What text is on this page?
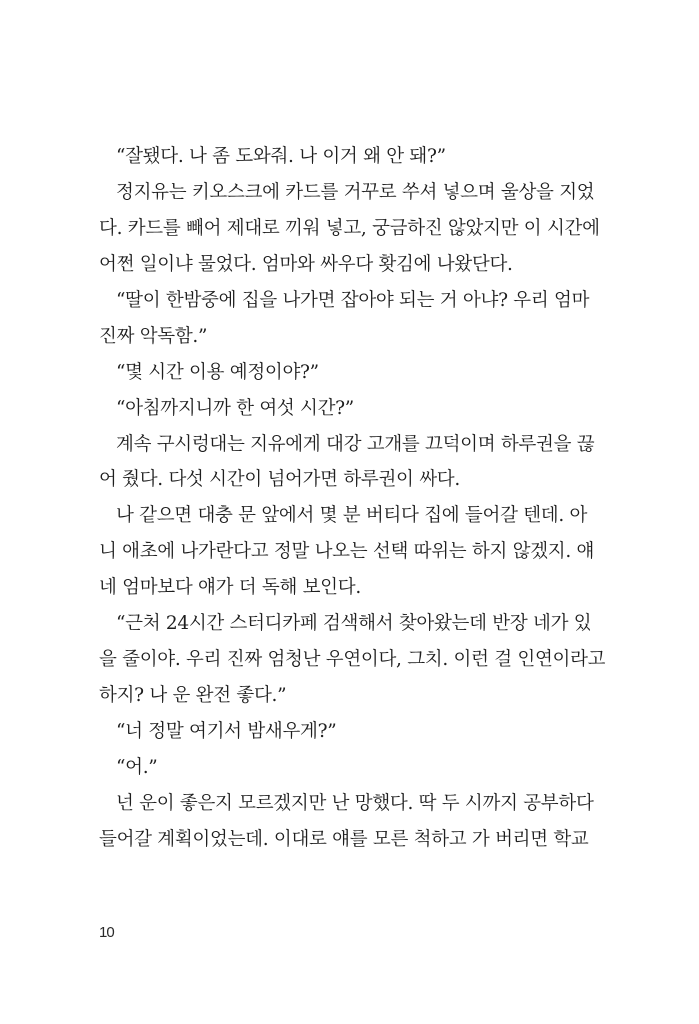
“잘됐다. 나 좀 도와줘. 나 이거 왜 안 돼?”
정지유는 키오스크에 카드를 거꾸로 쑤셔 넣으며 울상을 지었
다. 카드를 빼어 제대로 끼워 넣고, 궁금하진 않았지만 이 시간에
어쩐 일이냐 물었다. 엄마와 싸우다 홧김에 나왔단다.
“딸이 한밤중에 집을 나가면 잡아야 되는 거 아냐? 우리 엄마
진짜 악독함.”
“몇 시간 이용 예정이야?”
“아침까지니까 한 여섯 시간?”
계속 구시렁대는 지유에게 대강 고개를 끄덕이며 하루권을 끊
어 줬다. 다섯 시간이 넘어가면 하루권이 싸다.
나 같으면 대충 문 앞에서 몇 분 버티다 집에 들어갈 텐데. 아
니 애초에 나가란다고 정말 나오는 선택 따위는 하지 않겠지. 얘
네 엄마보다 얘가 더 독해 보인다.
“근처 24시간 스터디카페 검색해서 찾아왔는데 반장 네가 있
을 줄이야. 우리 진짜 엄청난 우연이다, 그치. 이런 걸 인연이라고
하지? 나 운 완전 좋다.”
“너 정말 여기서 밤새우게?”
“어.”
넌 운이 좋은지 모르겠지만 난 망했다. 딱 두 시까지 공부하다
들어갈 계획이었는데. 이대로 얘를 모른 척하고 가 버리면 학교
10
